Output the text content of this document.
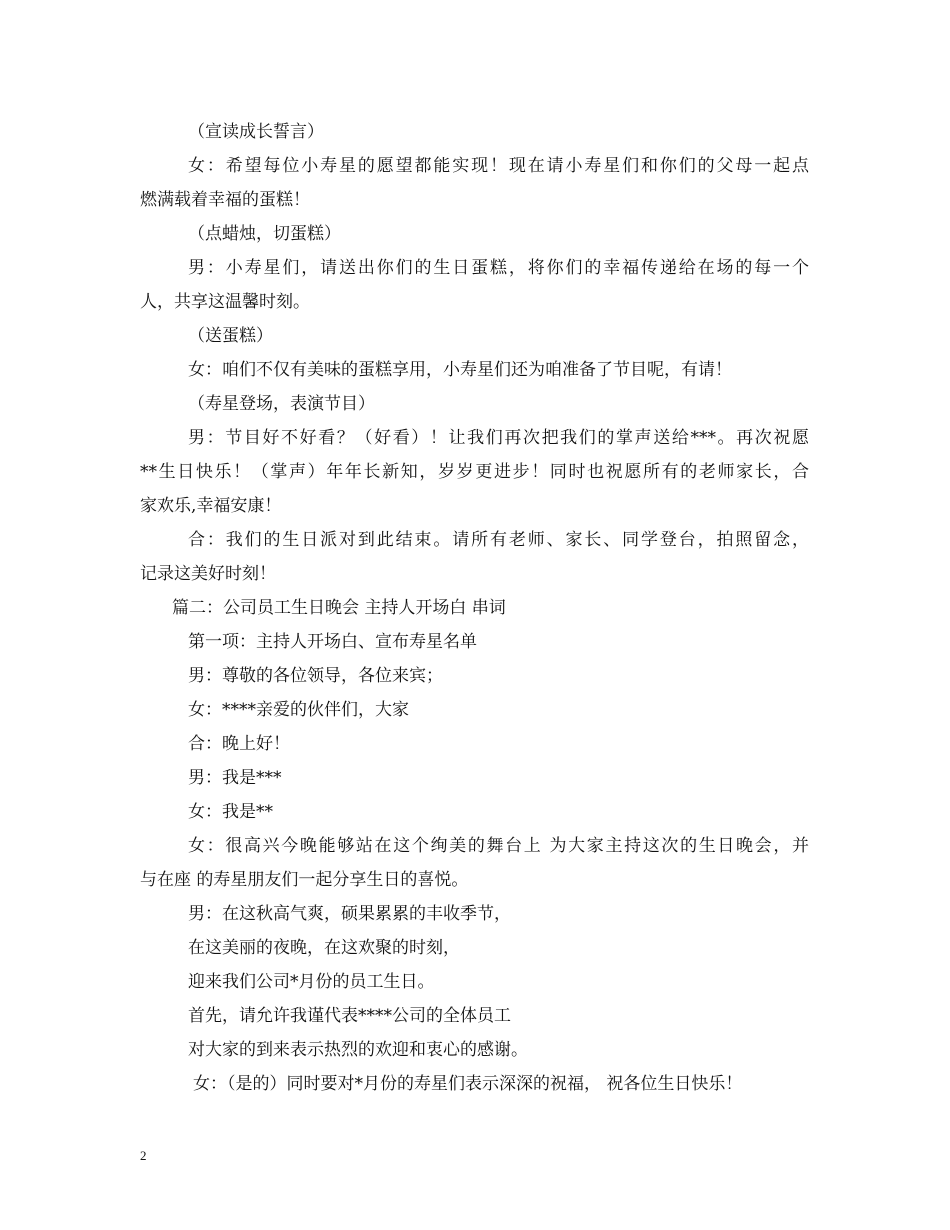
（宣读成长誓言）
女：希望每位小寿星的愿望都能实现！现在请小寿星们和你们的父母一起点
燃满载着幸福的蛋糕！
（点蜡烛，切蛋糕）
男：小寿星们，请送出你们的生日蛋糕，将你们的幸福传递给在场的每一个
人，共享这温馨时刻。
（送蛋糕）
女：咱们不仅有美味的蛋糕享用，小寿星们还为咱准备了节目呢，有请！
（寿星登场，表演节目）
男：节目好不好看？（好看）！让我们再次把我们的掌声送给***。再次祝愿
**生日快乐！（掌声）年年长新知，岁岁更进步！同时也祝愿所有的老师家长，合
家欢乐,幸福安康！
合：我们的生日派对到此结束。请所有老师、家长、同学登台，拍照留念，
记录这美好时刻！
篇二：公司员工生日晚会 主持人开场白 串词
第一项：主持人开场白、宣布寿星名单
男：尊敬的各位领导，各位来宾；
女：****亲爱的伙伴们，大家
合：晚上好！
男：我是***
女：我是**
女：很高兴今晚能够站在这个绚美的舞台上 为大家主持这次的生日晚会，并
与在座 的寿星朋友们一起分享生日的喜悦。
男：在这秋高气爽，硕果累累的丰收季节，
在这美丽的夜晚，在这欢聚的时刻，
迎来我们公司*月份的员工生日。
首先，请允许我谨代表****公司的全体员工
对大家的到来表示热烈的欢迎和衷心的感谢。
女：（是的）同时要对*月份的寿星们表示深深的祝福， 祝各位生日快乐！
2
